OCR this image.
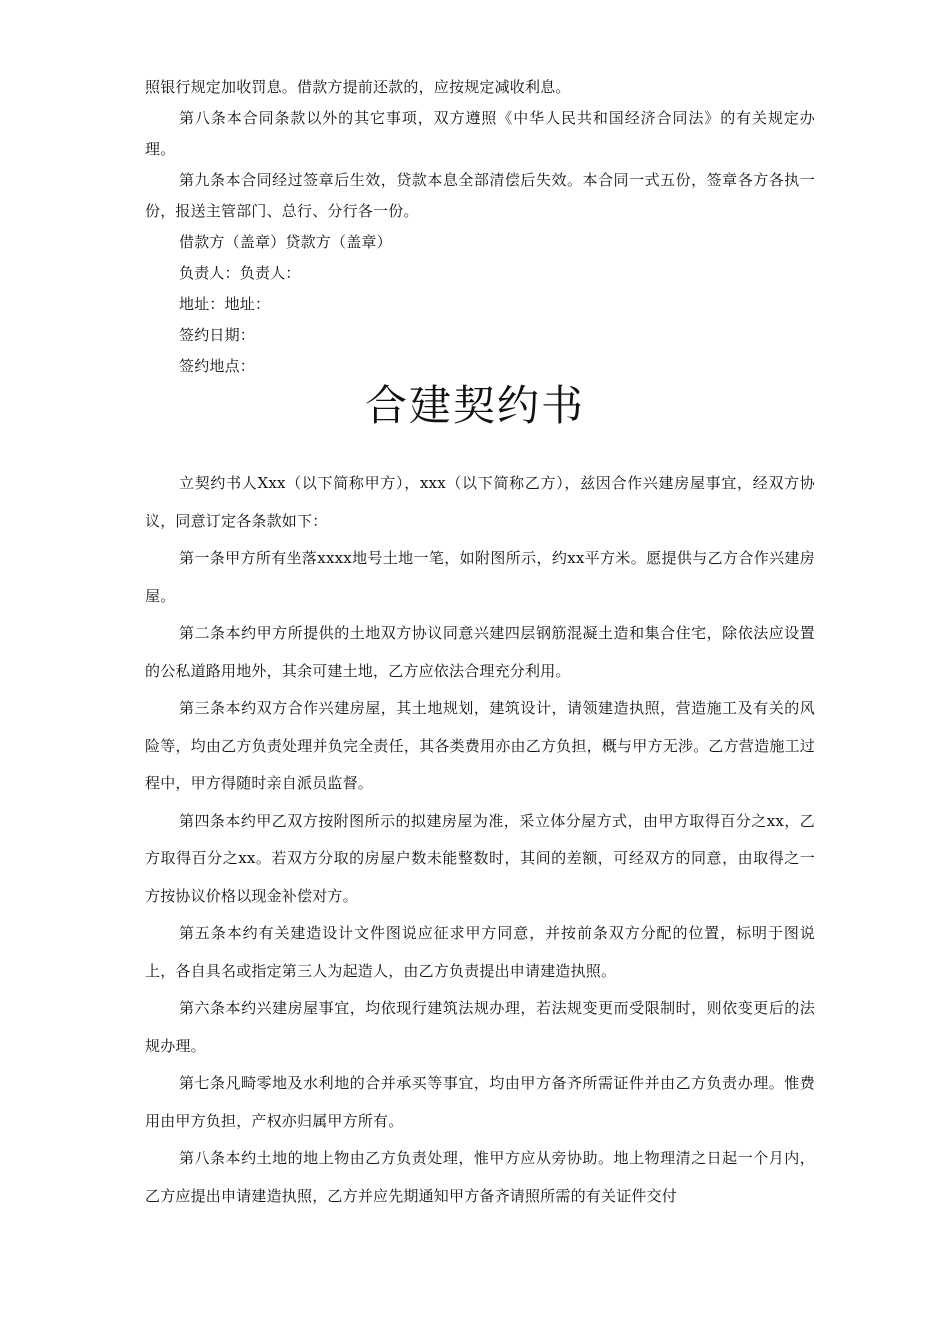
照银行规定加收罚息。借款方提前还款的，应按规定减收利息。

第八条本合同条款以外的其它事项，双方遵照《中华人民共和国经济合同法》的有关规定办理。

第九条本合同经过签章后生效，贷款本息全部清偿后失效。本合同一式五份，签章各方各执一份，报送主管部门、总行、分行各一份。

借款方（盖章）贷款方（盖章）

负责人：负责人：

地址：地址：

签约日期：

签约地点：

合建契约书

立契约书人Xxx（以下简称甲方），xxx（以下简称乙方），兹因合作兴建房屋事宜，经双方协议，同意订定各条款如下：

第一条甲方所有坐落xxxx地号土地一笔，如附图所示，约xx平方米。愿提供与乙方合作兴建房屋。

第二条本约甲方所提供的土地双方协议同意兴建四层钢筋混凝土造和集合住宅，除依法应设置的公私道路用地外，其余可建土地，乙方应依法合理充分利用。

第三条本约双方合作兴建房屋，其土地规划，建筑设计，请领建造执照，营造施工及有关的风险等，均由乙方负责处理并负完全责任，其各类费用亦由乙方负担，概与甲方无涉。乙方营造施工过程中，甲方得随时亲自派员监督。

第四条本约甲乙双方按附图所示的拟建房屋为准，采立体分屋方式，由甲方取得百分之xx，乙方取得百分之xx。若双方分取的房屋户数未能整数时，其间的差额，可经双方的同意，由取得之一方按协议价格以现金补偿对方。

第五条本约有关建造设计文件图说应征求甲方同意，并按前条双方分配的位置，标明于图说上，各自具名或指定第三人为起造人，由乙方负责提出申请建造执照。

第六条本约兴建房屋事宜，均依现行建筑法规办理，若法规变更而受限制时，则依变更后的法规办理。

第七条凡畸零地及水利地的合并承买等事宜，均由甲方备齐所需证件并由乙方负责办理。惟费用由甲方负担，产权亦归属甲方所有。

第八条本约土地的地上物由乙方负责处理，惟甲方应从旁协助。地上物理清之日起一个月内，乙方应提出申请建造执照，乙方并应先期通知甲方备齐请照所需的有关证件交付
